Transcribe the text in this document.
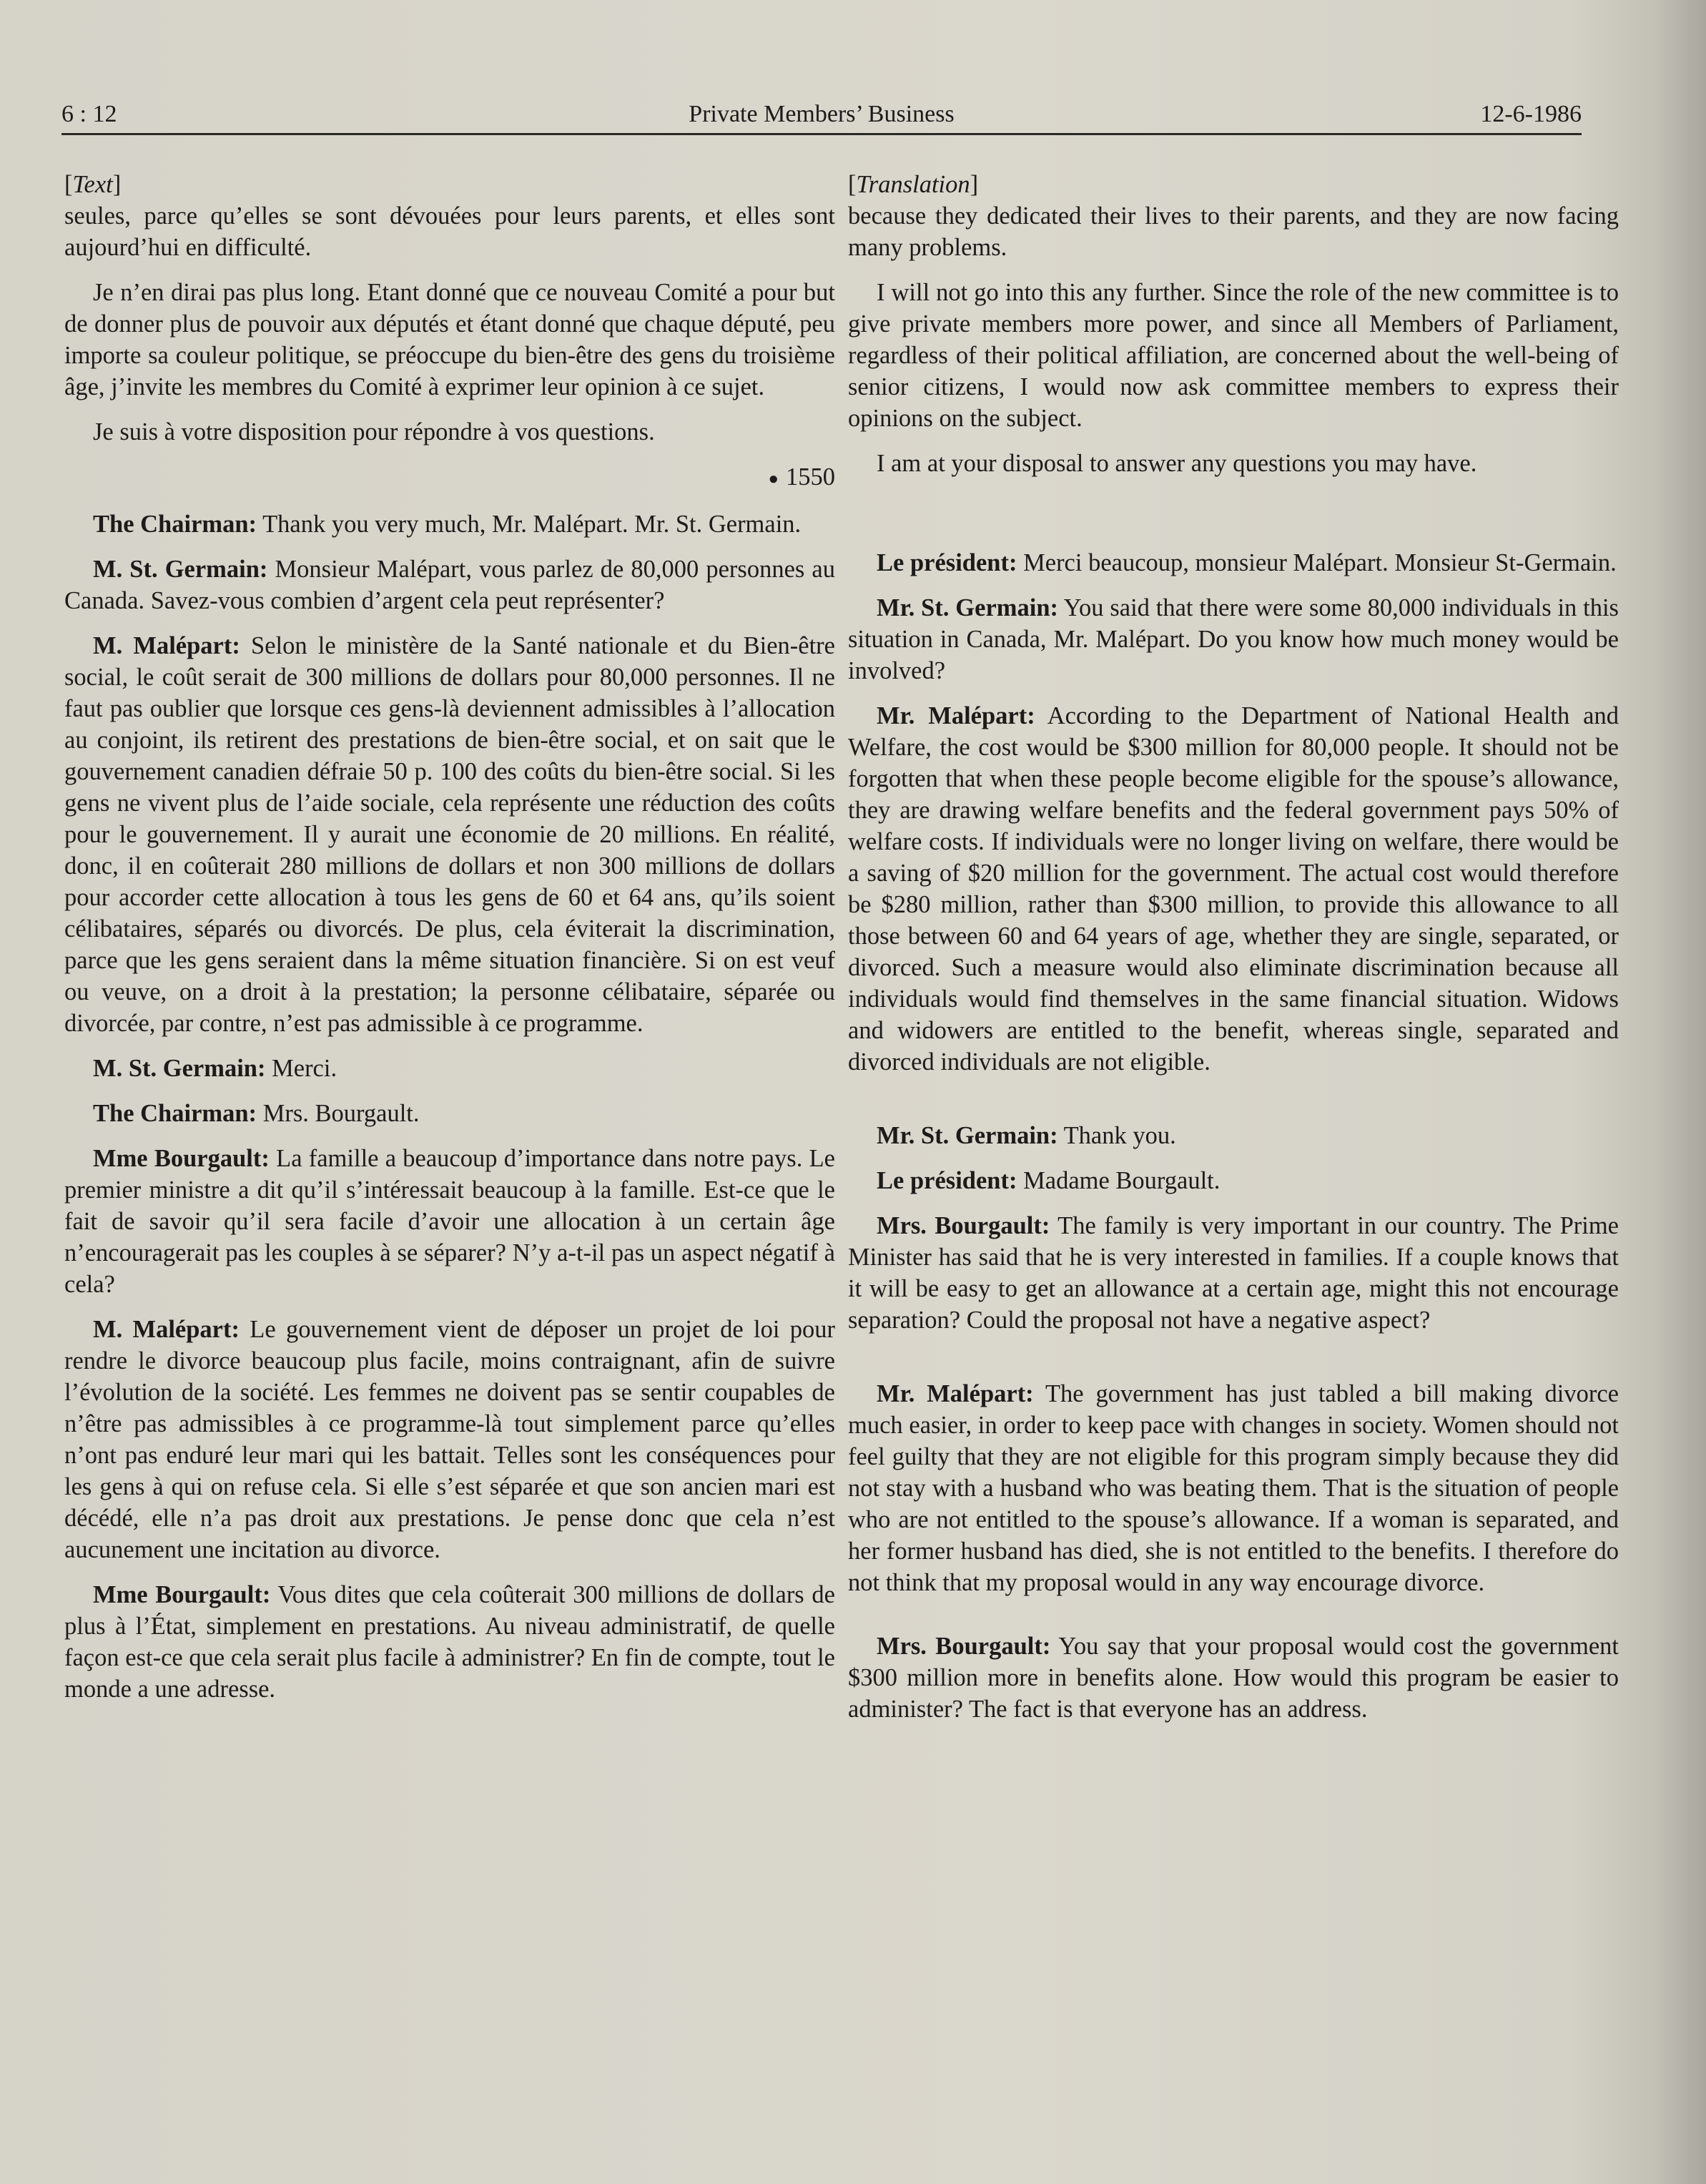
6 : 12	Private Members’ Business	12-6-1986

[Text]

seules, parce qu’elles se sont dévouées pour leurs parents, et elles sont aujourd’hui en difficulté.

Je n’en dirai pas plus long. Etant donné que ce nouveau Comité a pour but de donner plus de pouvoir aux députés et étant donné que chaque député, peu importe sa couleur politique, se préoccupe du bien-être des gens du troisième âge, j’invite les membres du Comité à exprimer leur opinion à ce sujet.

Je suis à votre disposition pour répondre à vos questions.

● 1550

The Chairman: Thank you very much, Mr. Malépart. Mr. St. Germain.

M. St. Germain: Monsieur Malépart, vous parlez de 80,000 personnes au Canada. Savez-vous combien d’argent cela peut représenter?

M. Malépart: Selon le ministère de la Santé nationale et du Bien-être social, le coût serait de 300 millions de dollars pour 80,000 personnes. Il ne faut pas oublier que lorsque ces gens-là deviennent admissibles à l’allocation au conjoint, ils retirent des prestations de bien-être social, et on sait que le gouvernement canadien défraie 50 p. 100 des coûts du bien-être social. Si les gens ne vivent plus de l’aide sociale, cela représente une réduction des coûts pour le gouvernement. Il y aurait une économie de 20 millions. En réalité, donc, il en coûterait 280 millions de dollars et non 300 millions de dollars pour accorder cette allocation à tous les gens de 60 et 64 ans, qu’ils soient célibataires, séparés ou divorcés. De plus, cela éviterait la discrimination, parce que les gens seraient dans la même situation financière. Si on est veuf ou veuve, on a droit à la prestation; la personne célibataire, séparée ou divorcée, par contre, n’est pas admissible à ce programme.

M. St. Germain: Merci.

The Chairman: Mrs. Bourgault.

Mme Bourgault: La famille a beaucoup d’importance dans notre pays. Le premier ministre a dit qu’il s’intéressait beaucoup à la famille. Est-ce que le fait de savoir qu’il sera facile d’avoir une allocation à un certain âge n’encouragerait pas les couples à se séparer? N’y a-t-il pas un aspect négatif à cela?

M. Malépart: Le gouvernement vient de déposer un projet de loi pour rendre le divorce beaucoup plus facile, moins contraignant, afin de suivre l’évolution de la société. Les femmes ne doivent pas se sentir coupables de n’être pas admissibles à ce programme-là tout simplement parce qu’elles n’ont pas enduré leur mari qui les battait. Telles sont les conséquences pour les gens à qui on refuse cela. Si elle s’est séparée et que son ancien mari est décédé, elle n’a pas droit aux prestations. Je pense donc que cela n’est aucunement une incitation au divorce.

Mme Bourgault: Vous dites que cela coûterait 300 millions de dollars de plus à l’État, simplement en prestations. Au niveau administratif, de quelle façon est-ce que cela serait plus facile à administrer? En fin de compte, tout le monde a une adresse.

[Translation]

because they dedicated their lives to their parents, and they are now facing many problems.

I will not go into this any further. Since the role of the new committee is to give private members more power, and since all Members of Parliament, regardless of their political affiliation, are concerned about the well-being of senior citizens, I would now ask committee members to express their opinions on the subject.

I am at your disposal to answer any questions you may have.

Le président: Merci beaucoup, monsieur Malépart. Monsieur St-Germain.

Mr. St. Germain: You said that there were some 80,000 individuals in this situation in Canada, Mr. Malépart. Do you know how much money would be involved?

Mr. Malépart: According to the Department of National Health and Welfare, the cost would be $300 million for 80,000 people. It should not be forgotten that when these people become eligible for the spouse’s allowance, they are drawing welfare benefits and the federal government pays 50% of welfare costs. If individuals were no longer living on welfare, there would be a saving of $20 million for the government. The actual cost would therefore be $280 million, rather than $300 million, to provide this allowance to all those between 60 and 64 years of age, whether they are single, separated, or divorced. Such a measure would also eliminate discrimination because all individuals would find themselves in the same financial situation. Widows and widowers are entitled to the benefit, whereas single, separated and divorced individuals are not eligible.

Mr. St. Germain: Thank you.

Le président: Madame Bourgault.

Mrs. Bourgault: The family is very important in our country. The Prime Minister has said that he is very interested in families. If a couple knows that it will be easy to get an allowance at a certain age, might this not encourage separation? Could the proposal not have a negative aspect?

Mr. Malépart: The government has just tabled a bill making divorce much easier, in order to keep pace with changes in society. Women should not feel guilty that they are not eligible for this program simply because they did not stay with a husband who was beating them. That is the situation of people who are not entitled to the spouse’s allowance. If a woman is separated, and her former husband has died, she is not entitled to the benefits. I therefore do not think that my proposal would in any way encourage divorce.

Mrs. Bourgault: You say that your proposal would cost the government $300 million more in benefits alone. How would this program be easier to administer? The fact is that everyone has an address.
